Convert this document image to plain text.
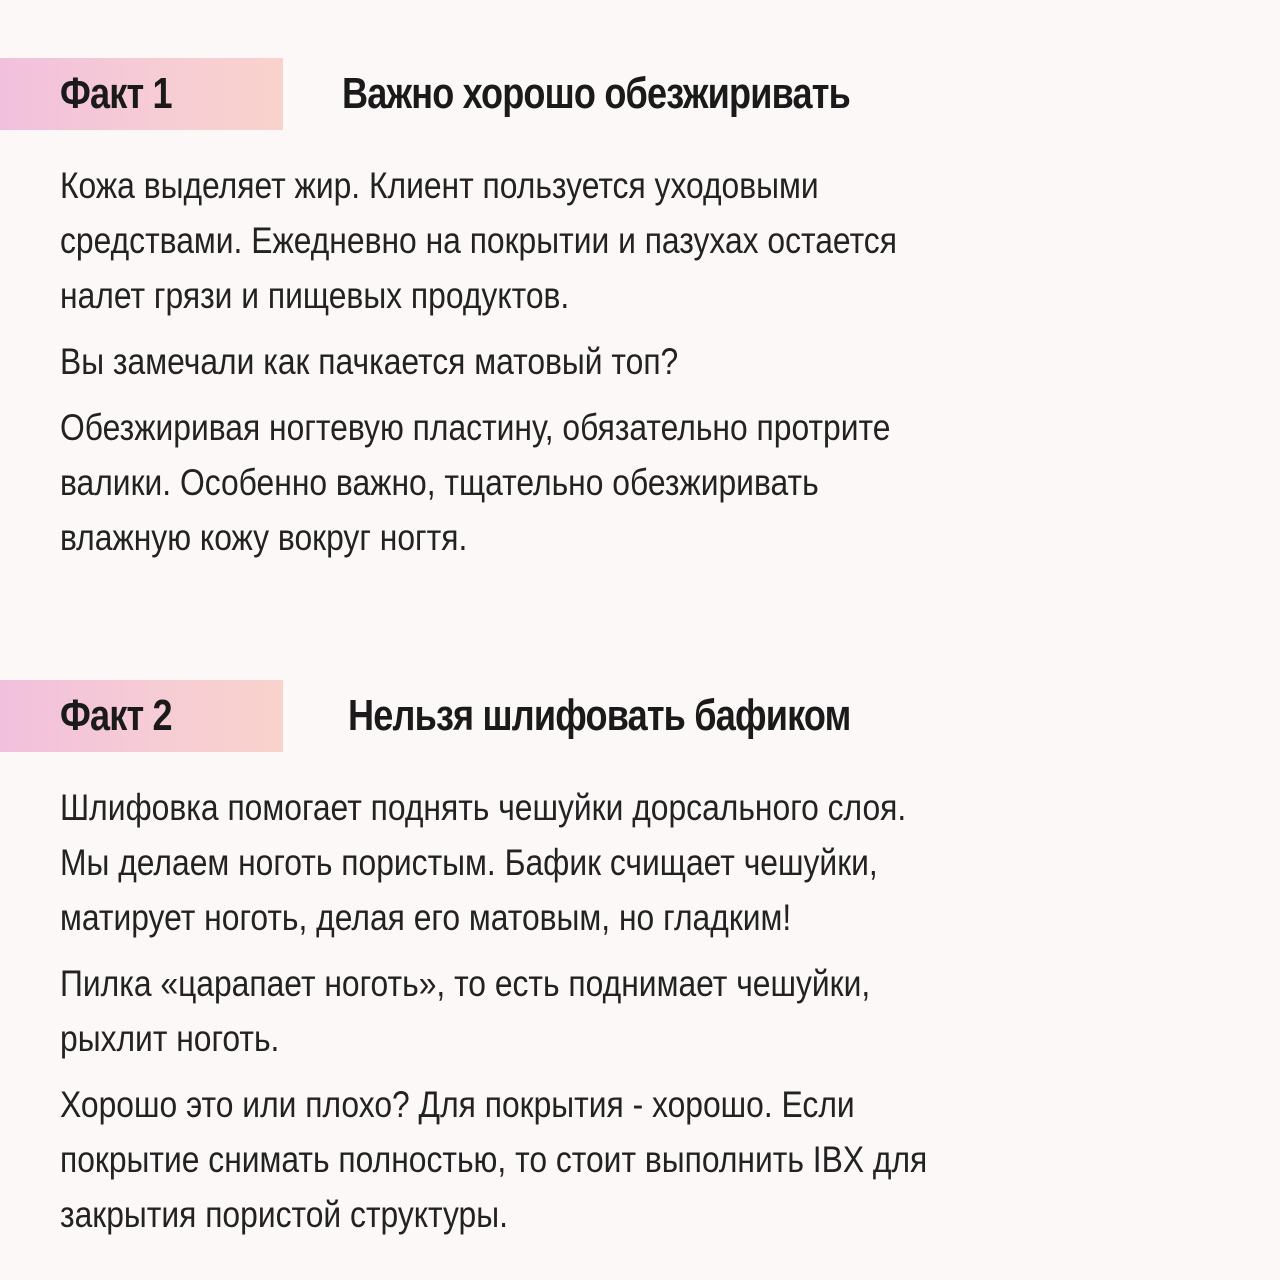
Факт 1	Важно хорошо обезжиривать

Кожа выделяет жир. Клиент пользуется уходовыми
средствами. Ежедневно на покрытии и пазухах остается
налет грязи и пищевых продуктов.

Вы замечали как пачкается матовый топ?

Обезжиривая ногтевую пластину, обязательно протрите
валики. Особенно важно, тщательно обезжиривать
влажную кожу вокруг ногтя.

Факт 2	Нельзя шлифовать бафиком

Шлифовка помогает поднять чешуйки дорсального слоя.
Мы делаем ноготь пористым. Бафик счищает чешуйки,
матирует ноготь, делая его матовым, но гладким!

Пилка «царапает ноготь», то есть поднимает чешуйки,
рыхлит ноготь.

Хорошо это или плохо? Для покрытия - хорошо. Если
покрытие снимать полностью, то стоит выполнить IBX для
закрытия пористой структуры.
